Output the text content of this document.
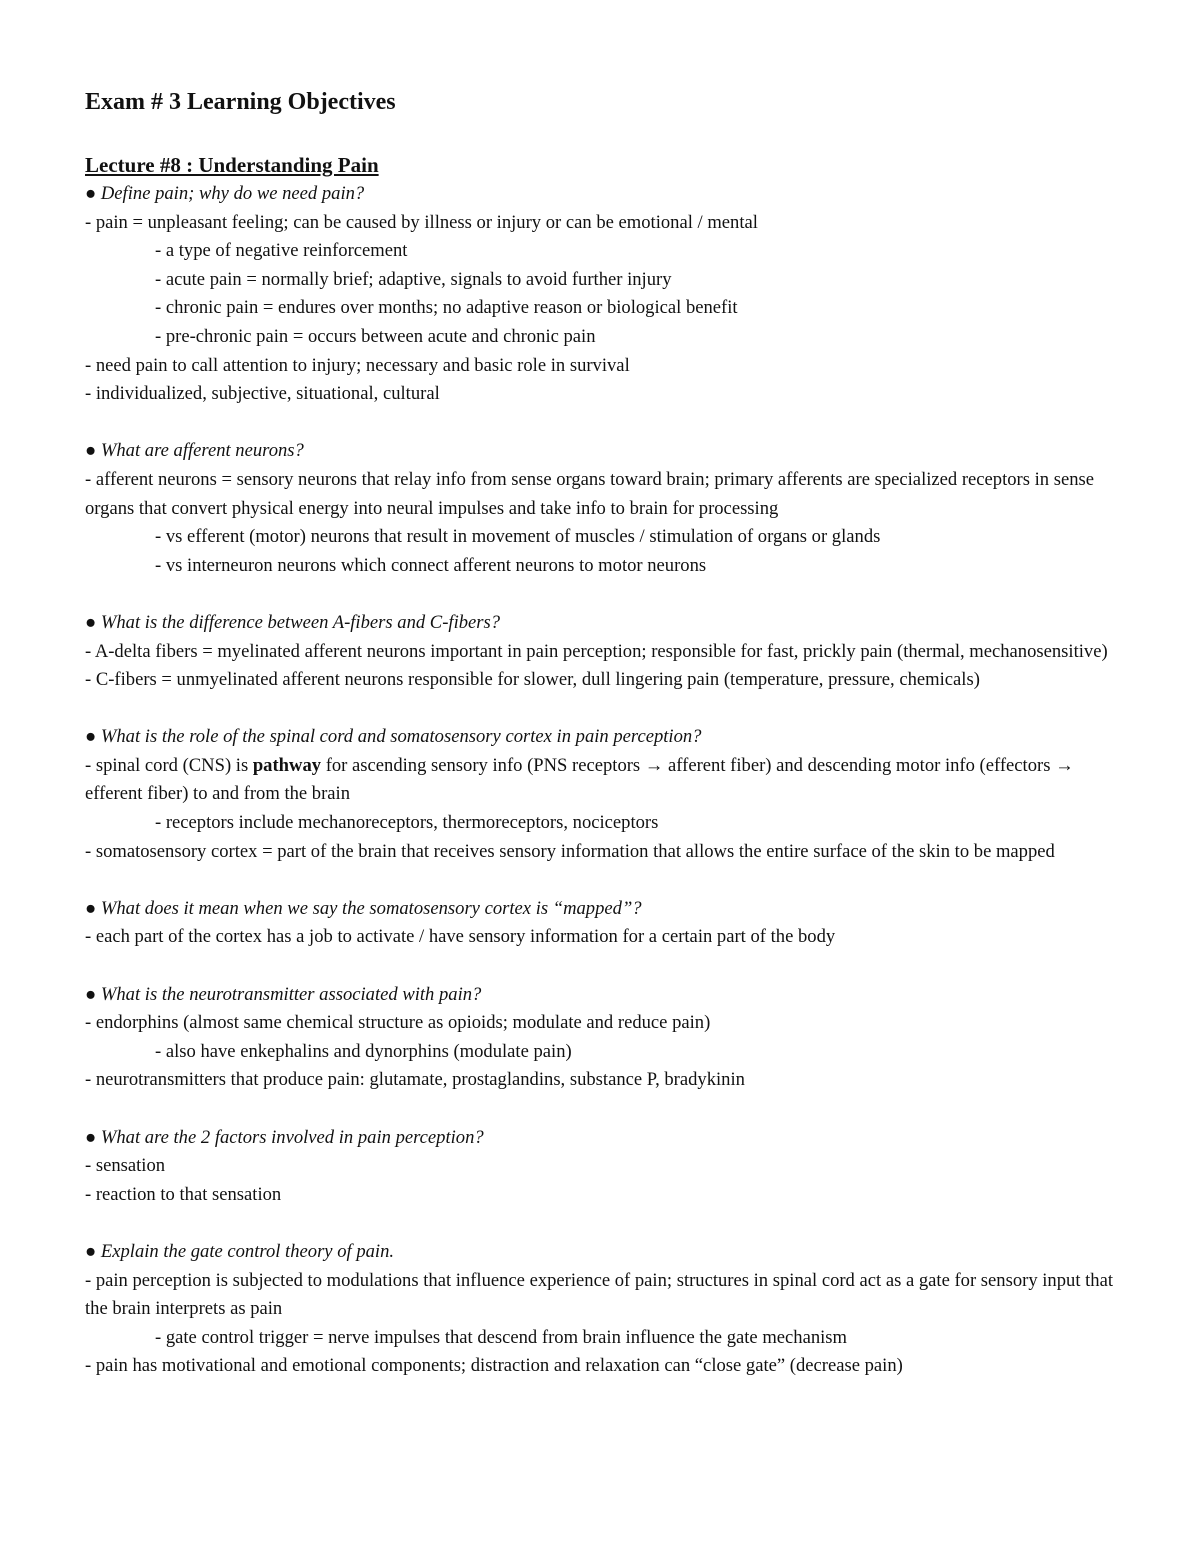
Exam # 3 Learning Objectives
Lecture #8 : Understanding Pain
● Define pain; why do we need pain?
- pain = unpleasant feeling; can be caused by illness or injury or can be emotional / mental
- a type of negative reinforcement
- acute pain = normally brief; adaptive, signals to avoid further injury
- chronic pain = endures over months; no adaptive reason or biological benefit
- pre-chronic pain = occurs between acute and chronic pain
- need pain to call attention to injury; necessary and basic role in survival
- individualized, subjective, situational, cultural
● What are afferent neurons?
- afferent neurons = sensory neurons that relay info from sense organs toward brain; primary afferents are specialized receptors in sense organs that convert physical energy into neural impulses and take info to brain for processing
- vs efferent (motor) neurons that result in movement of muscles / stimulation of organs or glands
- vs interneuron neurons which connect afferent neurons to motor neurons
● What is the difference between A-fibers and C-fibers?
- A-delta fibers = myelinated afferent neurons important in pain perception; responsible for fast, prickly pain (thermal, mechanosensitive)
- C-fibers = unmyelinated afferent neurons responsible for slower, dull lingering pain (temperature, pressure, chemicals)
● What is the role of the spinal cord and somatosensory cortex in pain perception?
- spinal cord (CNS) is pathway for ascending sensory info (PNS receptors → afferent fiber) and descending motor info (effectors → efferent fiber) to and from the brain
- receptors include mechanoreceptors, thermoreceptors, nociceptors
- somatosensory cortex = part of the brain that receives sensory information that allows the entire surface of the skin to be mapped
● What does it mean when we say the somatosensory cortex is “mapped”?
- each part of the cortex has a job to activate / have sensory information for a certain part of the body
● What is the neurotransmitter associated with pain?
- endorphins (almost same chemical structure as opioids; modulate and reduce pain)
- also have enkephalins and dynorphins (modulate pain)
- neurotransmitters that produce pain: glutamate, prostaglandins, substance P, bradykinin
● What are the 2 factors involved in pain perception?
- sensation
- reaction to that sensation
● Explain the gate control theory of pain.
- pain perception is subjected to modulations that influence experience of pain; structures in spinal cord act as a gate for sensory input that the brain interprets as pain
- gate control trigger = nerve impulses that descend from brain influence the gate mechanism
- pain has motivational and emotional components; distraction and relaxation can “close gate” (decrease pain)
